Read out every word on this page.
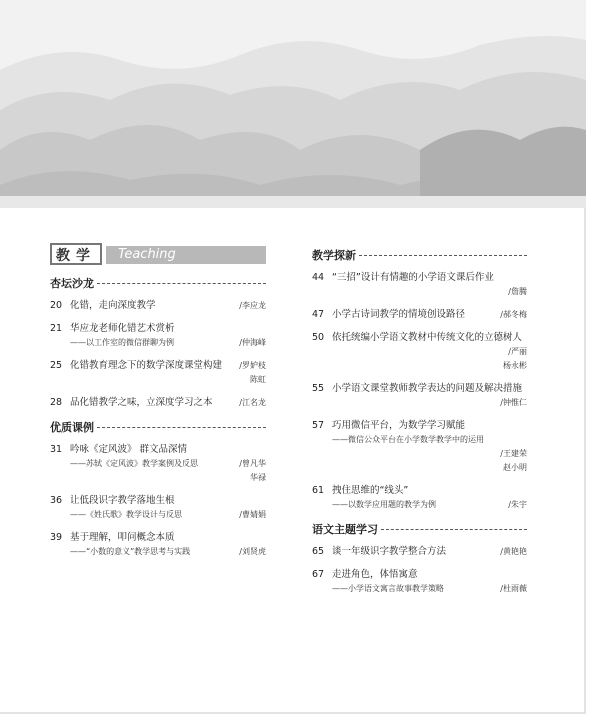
教学	Teaching
杏坛沙龙
20 化错，走向深度教学	/李应龙
21 华应龙老师化错艺术赏析
——以工作室的微信群聊为例	/仲海峰
25 化错教育理念下的数学深度课堂构建	/罗妒枝
陈虹
28 品化错教学之味，立深度学习之本	/江名龙
优质课例
31 吟咏《定风波》 群文品深情
——苏轼《定风波》教学案例及反思	/曾凡华
华禄
36 让低段识字教学落地生根
——《姓氏歌》教学设计与反思	/曹婧娟
39 基于理解，叩问概念本质
——“小数的意义”教学思考与实践	/刘贤虎
教学探新
44 “三招”设计有情趣的小学语文课后作业
/詹腾
47 小学古诗词教学的情境创设路径	/郝冬梅
50 依托统编小学语文教材中传统文化的立德树人
/严丽
杨永彬
55 小学语文课堂教师教学表达的问题及解决措施
/钟惟仁
57 巧用微信平台，为数学学习赋能
——微信公众平台在小学数学教学中的运用
/王建荣
赵小明
61 拽住思维的“线头”
——以数学应用题的教学为例	/朱宇
语文主题学习
65 谈一年级识字教学整合方法	/黄艳艳
67 走进角色，体悟寓意
——小学语文寓言故事教学策略	/杜雨薇
